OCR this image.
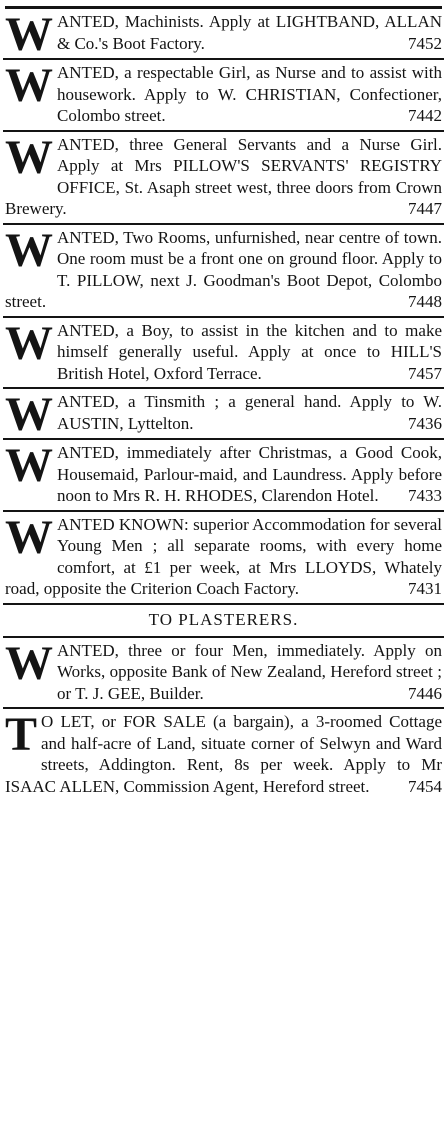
W ANTED, Machinists. Apply at LIGHTBAND, ALLAN & Co.'s Boot Factory.	7452
W ANTED, a respectable Girl, as Nurse and to assist with housework. Apply to W. CHRISTIAN, Confectioner, Colombo street.	7442
W ANTED, three General Servants and a Nurse Girl. Apply at Mrs PILLOW'S SERVANTS' REGISTRY OFFICE, St. Asaph street west, three doors from Crown Brewery.	7447
W ANTED, Two Rooms, unfurnished, near centre of town. One room must be a front one on ground floor. Apply to T. PILLOW, next J. Goodman's Boot Depot, Colombo street.	7448
W ANTED, a Boy, to assist in the kitchen and to make himself generally useful. Apply at once to HILL'S British Hotel, Oxford Terrace.	7457
W ANTED, a Tinsmith ; a general hand. Apply to W. AUSTIN, Lyttelton.	7436
W ANTED, immediately after Christmas, a Good Cook, Housemaid, Parlour-maid, and Laundress. Apply before noon to Mrs R. H. RHODES, Clarendon Hotel. 7433
W ANTED KNOWN: superior Accommodation for several Young Men ; all separate rooms, with every home comfort, at £1 per week, at Mrs LLOYDS, Whately road, opposite the Criterion Coach Factory.	7431
TO PLASTERERS.
W ANTED, three or four Men, immediately. Apply on Works, opposite Bank of New Zealand, Hereford street ; or T. J. GEE, Builder.	7446
T O LET, or FOR SALE (a bargain), a 3-roomed Cottage and half-acre of Land, situate corner of Selwyn and Ward streets, Addington. Rent, 8s per week. Apply to Mr ISAAC ALLEN, Commission Agent, Hereford street. 7454
